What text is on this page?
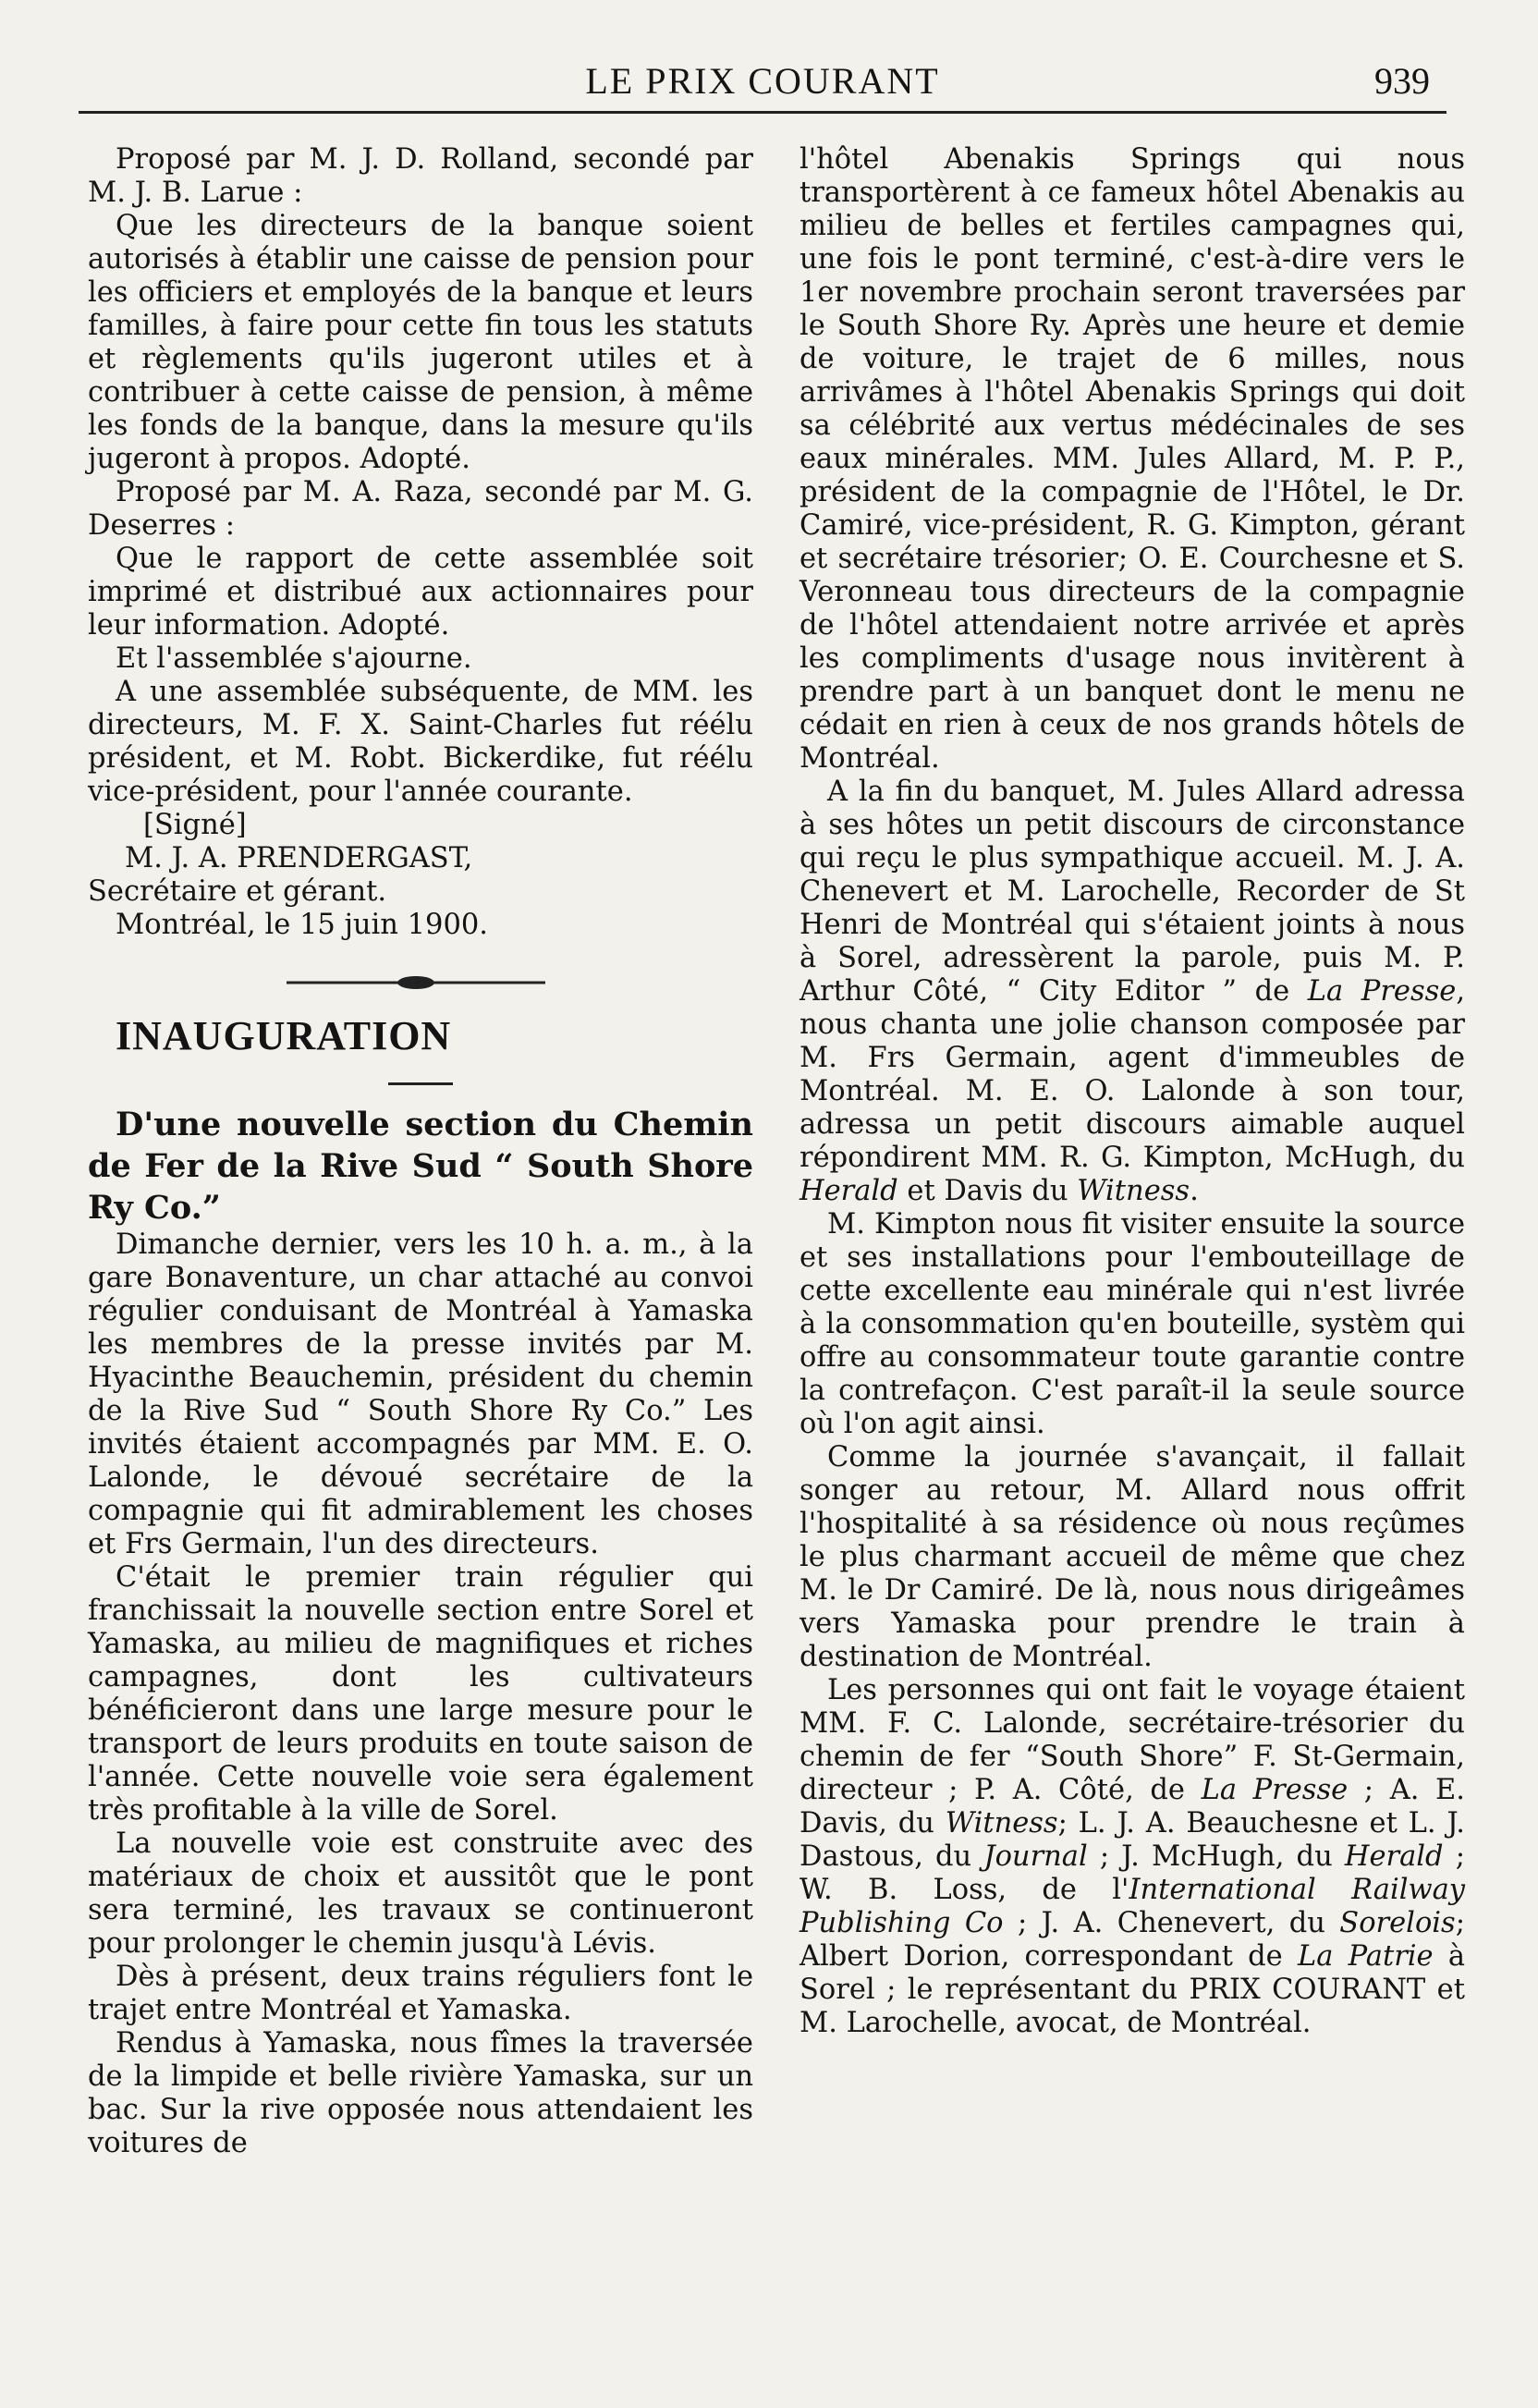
LE PRIX COURANT	939

Proposé par M. J. D. Rolland, secondé par M. J. B. Larue :

Que les directeurs de la banque soient autorisés à établir une caisse de pension pour les officiers et employés de la banque et leurs familles, à faire pour cette fin tous les statuts et règlements qu'ils jugeront utiles et à contribuer à cette caisse de pension, à même les fonds de la banque, dans la mesure qu'ils jugeront à propos. Adopté.

Proposé par M. A. Raza, secondé par M. G. Deserres :

Que le rapport de cette assemblée soit imprimé et distribué aux actionnaires pour leur information. Adopté.

Et l'assemblée s'ajourne.

A une assemblée subséquente, de MM. les directeurs, M. F. X. Saint-Charles fut réélu président, et M. Robt. Bickerdike, fut réélu vice-président, pour l'année courante.

[Signé]

M. J. A. PRENDERGAST,

Secrétaire et gérant.

Montréal, le 15 juin 1900.

INAUGURATION

D'une nouvelle section du Chemin de Fer de la Rive Sud “ South Shore Ry Co.”

Dimanche dernier, vers les 10 h. a. m., à la gare Bonaventure, un char attaché au convoi régulier conduisant de Montréal à Yamaska les membres de la presse invités par M. Hyacinthe Beauchemin, président du chemin de la Rive Sud “ South Shore Ry Co.” Les invités étaient accompagnés par MM. E. O. Lalonde, le dévoué secrétaire de la compagnie qui fit admirablement les choses et Frs Germain, l'un des directeurs.

C'était le premier train régulier qui franchissait la nouvelle section entre Sorel et Yamaska, au milieu de magnifiques et riches campagnes, dont les cultivateurs bénéficieront dans une large mesure pour le transport de leurs produits en toute saison de l'année. Cette nouvelle voie sera également très profitable à la ville de Sorel.

La nouvelle voie est construite avec des matériaux de choix et aussitôt que le pont sera terminé, les travaux se continueront pour prolonger le chemin jusqu'à Lévis.

Dès à présent, deux trains réguliers font le trajet entre Montréal et Yamaska.

Rendus à Yamaska, nous fîmes la traversée de la limpide et belle rivière Yamaska, sur un bac. Sur la rive opposée nous attendaient les voitures de

l'hôtel Abenakis Springs qui nous transportèrent à ce fameux hôtel Abenakis au milieu de belles et fertiles campagnes qui, une fois le pont terminé, c'est-à-dire vers le 1er novembre prochain seront traversées par le South Shore Ry. Après une heure et demie de voiture, le trajet de 6 milles, nous arrivâmes à l'hôtel Abenakis Springs qui doit sa célébrité aux vertus médécinales de ses eaux minérales. MM. Jules Allard, M. P. P., président de la compagnie de l'Hôtel, le Dr. Camiré, vice-président, R. G. Kimpton, gérant et secrétaire trésorier; O. E. Courchesne et S. Veronneau tous directeurs de la compagnie de l'hôtel attendaient notre arrivée et après les compliments d'usage nous invitèrent à prendre part à un banquet dont le menu ne cédait en rien à ceux de nos grands hôtels de Montréal.

A la fin du banquet, M. Jules Allard adressa à ses hôtes un petit discours de circonstance qui reçu le plus sympathique accueil. M. J. A. Chenevert et M. Larochelle, Recorder de St Henri de Montréal qui s'étaient joints à nous à Sorel, adressèrent la parole, puis M. P. Arthur Côté, “ City Editor ” de La Presse, nous chanta une jolie chanson composée par M. Frs Germain, agent d'immeubles de Montréal. M. E. O. Lalonde à son tour, adressa un petit discours aimable auquel répondirent MM. R. G. Kimpton, McHugh, du Herald et Davis du Witness.

M. Kimpton nous fit visiter ensuite la source et ses installations pour l'embouteillage de cette excellente eau minérale qui n'est livrée à la consommation qu'en bouteille, systèm qui offre au consommateur toute garantie contre la contrefaçon. C'est paraît-il la seule source où l'on agit ainsi.

Comme la journée s'avançait, il fallait songer au retour, M. Allard nous offrit l'hospitalité à sa résidence où nous reçûmes le plus charmant accueil de même que chez M. le Dr Camiré. De là, nous nous dirigeâmes vers Yamaska pour prendre le train à destination de Montréal.

Les personnes qui ont fait le voyage étaient MM. F. C. Lalonde, secrétaire-trésorier du chemin de fer “South Shore” F. St-Germain, directeur ; P. A. Côté, de La Presse ; A. E. Davis, du Witness; L. J. A. Beauchesne et L. J. Dastous, du Journal ; J. McHugh, du Herald ; W. B. Loss, de l'International Railway Publishing Co ; J. A. Chenevert, du Sorelois; Albert Dorion, correspondant de La Patrie à Sorel ; le représentant du PRIX COURANT et M. Larochelle, avocat, de Montréal.
